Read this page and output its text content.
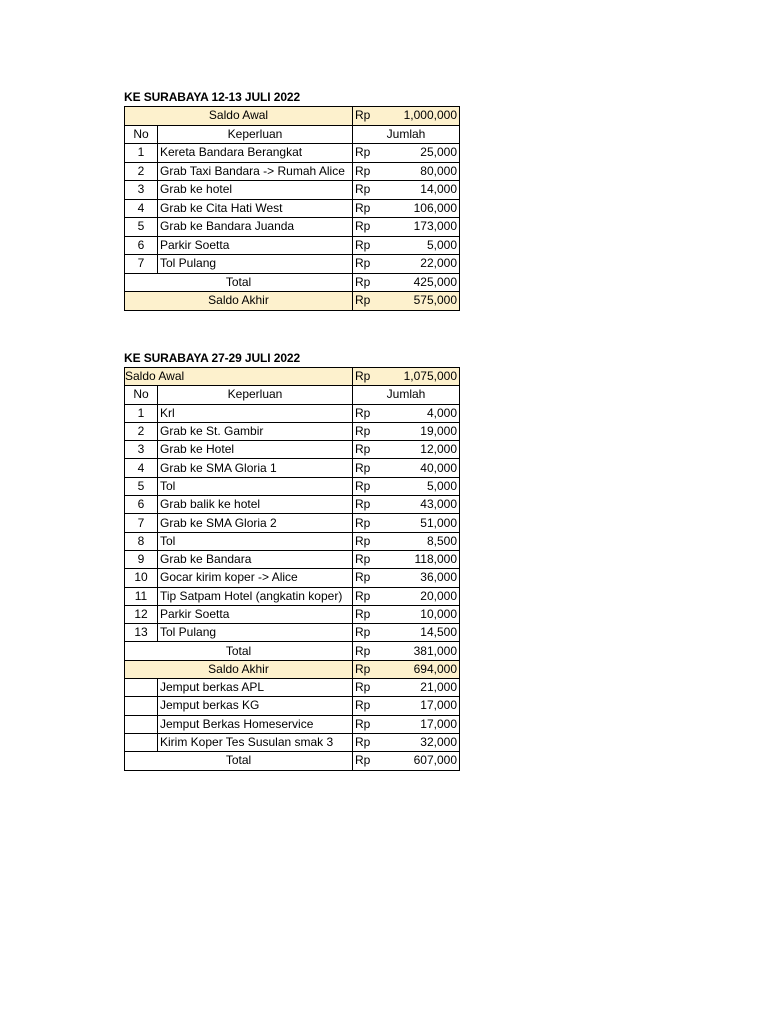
KE SURABAYA 12-13 JULI 2022
Saldo Awal		Rp	1,000,000
No	Keperluan	Jumlah	
1	Kereta Bandara Berangkat	Rp	25,000
2	Grab Taxi Bandara -> Rumah Alice	Rp	80,000
3	Grab ke hotel	Rp	14,000
4	Grab ke Cita Hati West	Rp	106,000
5	Grab ke Bandara Juanda	Rp	173,000
6	Parkir Soetta	Rp	5,000
7	Tol Pulang	Rp	22,000
Total		Rp	425,000
Saldo Akhir		Rp	575,000
KE SURABAYA 27-29 JULI 2022
Saldo Awal		Rp	1,075,000
No	Keperluan	Jumlah	
1	Krl	Rp	4,000
2	Grab ke St. Gambir	Rp	19,000
3	Grab ke Hotel	Rp	12,000
4	Grab ke SMA Gloria 1	Rp	40,000
5	Tol	Rp	5,000
6	Grab balik ke hotel	Rp	43,000
7	Grab ke SMA Gloria 2	Rp	51,000
8	Tol	Rp	8,500
9	Grab ke Bandara	Rp	118,000
10	Gocar kirim koper -> Alice	Rp	36,000
11	Tip Satpam Hotel (angkatin koper)	Rp	20,000
12	Parkir Soetta	Rp	10,000
13	Tol Pulang	Rp	14,500
Total		Rp	381,000
Saldo Akhir		Rp	694,000
	Jemput berkas APL	Rp	21,000
	Jemput berkas KG	Rp	17,000
	Jemput Berkas Homeservice	Rp	17,000
	Kirim Koper Tes Susulan smak 3	Rp	32,000
Total		Rp	607,000
